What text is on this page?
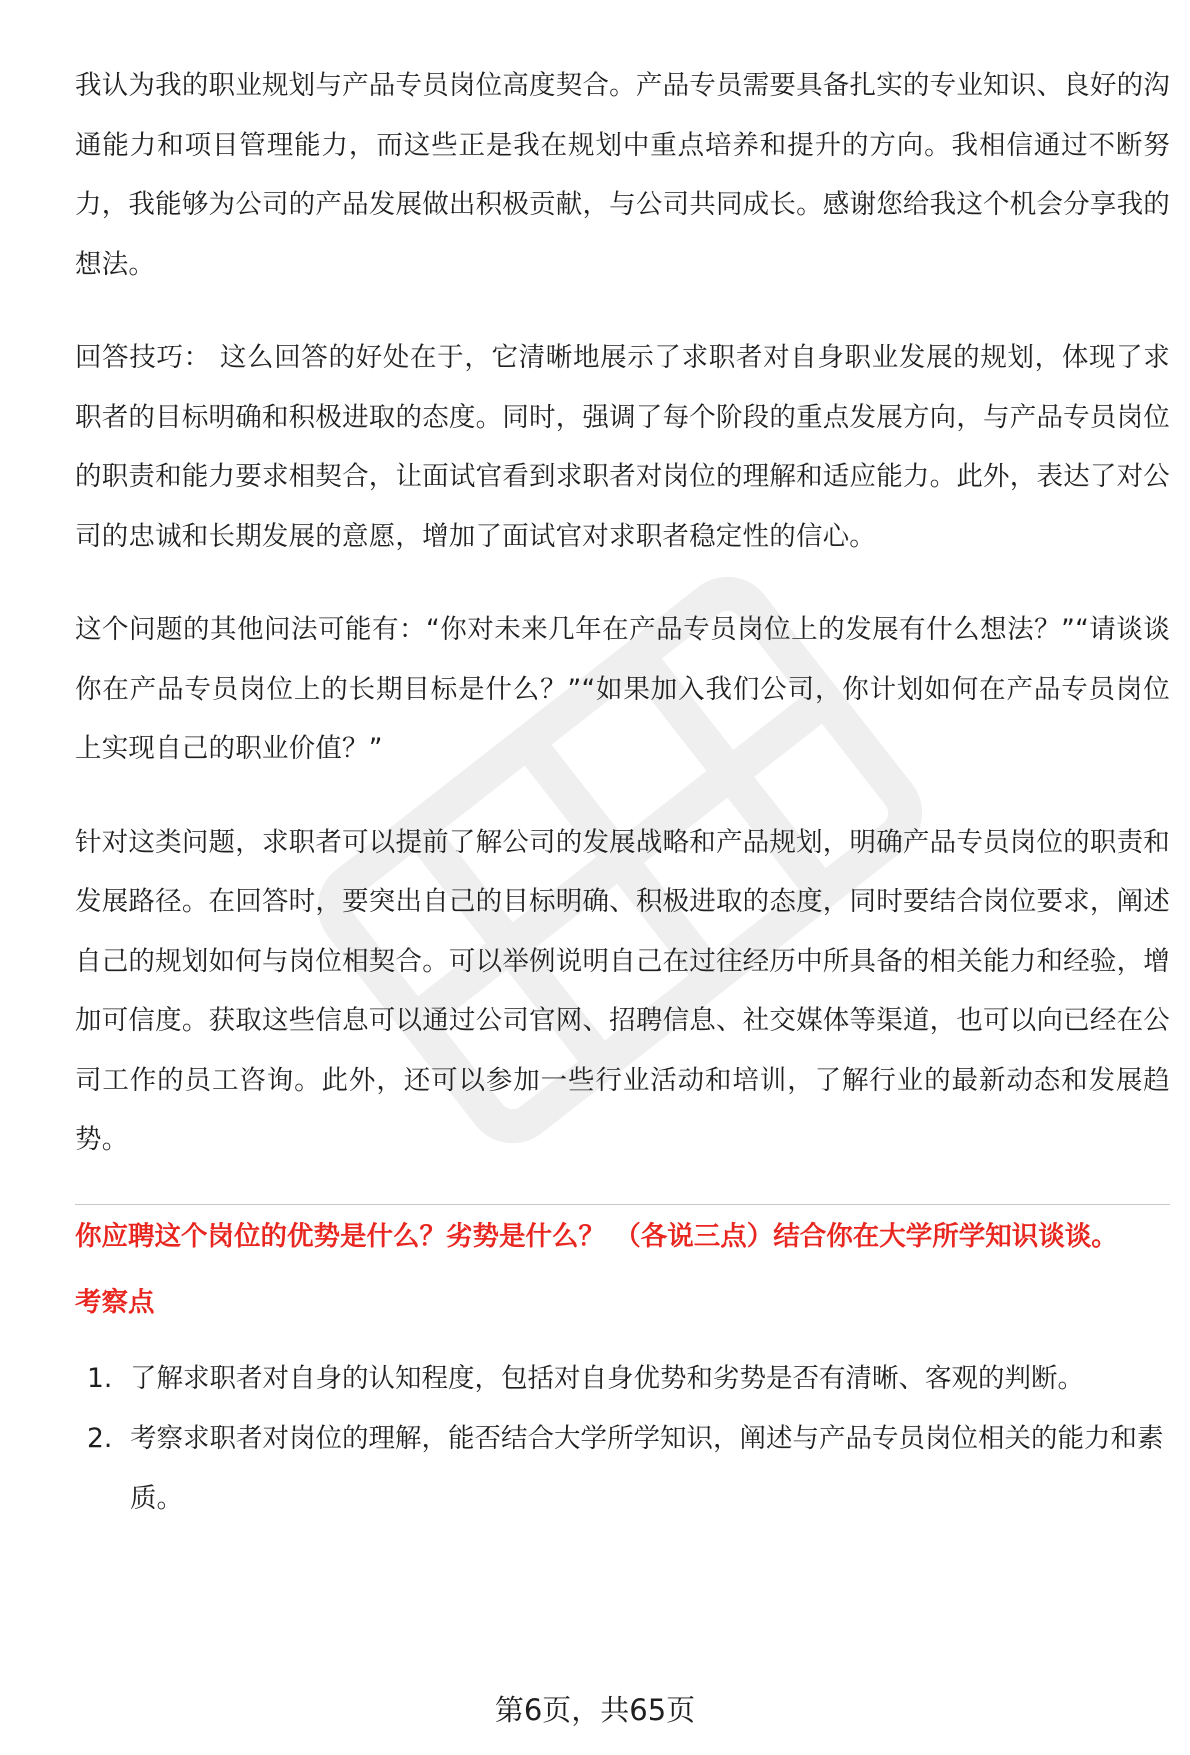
我认为我的职业规划与产品专员岗位高度契合。产品专员需要具备扎实的专业知识、良好的沟通能力和项目管理能力，而这些正是我在规划中重点培养和提升的方向。我相信通过不断努力，我能够为公司的产品发展做出积极贡献，与公司共同成长。感谢您给我这个机会分享我的想法。

回答技巧： 这么回答的好处在于，它清晰地展示了求职者对自身职业发展的规划，体现了求职者的目标明确和积极进取的态度。同时，强调了每个阶段的重点发展方向，与产品专员岗位的职责和能力要求相契合，让面试官看到求职者对岗位的理解和适应能力。此外，表达了对公司的忠诚和长期发展的意愿，增加了面试官对求职者稳定性的信心。

这个问题的其他问法可能有：“你对未来几年在产品专员岗位上的发展有什么想法？”“请谈谈你在产品专员岗位上的长期目标是什么？”“如果加入我们公司，你计划如何在产品专员岗位上实现自己的职业价值？”

针对这类问题，求职者可以提前了解公司的发展战略和产品规划，明确产品专员岗位的职责和发展路径。在回答时，要突出自己的目标明确、积极进取的态度，同时要结合岗位要求，阐述自己的规划如何与岗位相契合。可以举例说明自己在过往经历中所具备的相关能力和经验，增加可信度。获取这些信息可以通过公司官网、招聘信息、社交媒体等渠道，也可以向已经在公司工作的员工咨询。此外，还可以参加一些行业活动和培训，了解行业的最新动态和发展趋势。

你应聘这个岗位的优势是什么？劣势是什么？ （各说三点）结合你在大学所学知识谈谈。

考察点

1. 了解求职者对自身的认知程度，包括对自身优势和劣势是否有清晰、客观的判断。
2. 考察求职者对岗位的理解，能否结合大学所学知识，阐述与产品专员岗位相关的能力和素质。
第6页，共65页
